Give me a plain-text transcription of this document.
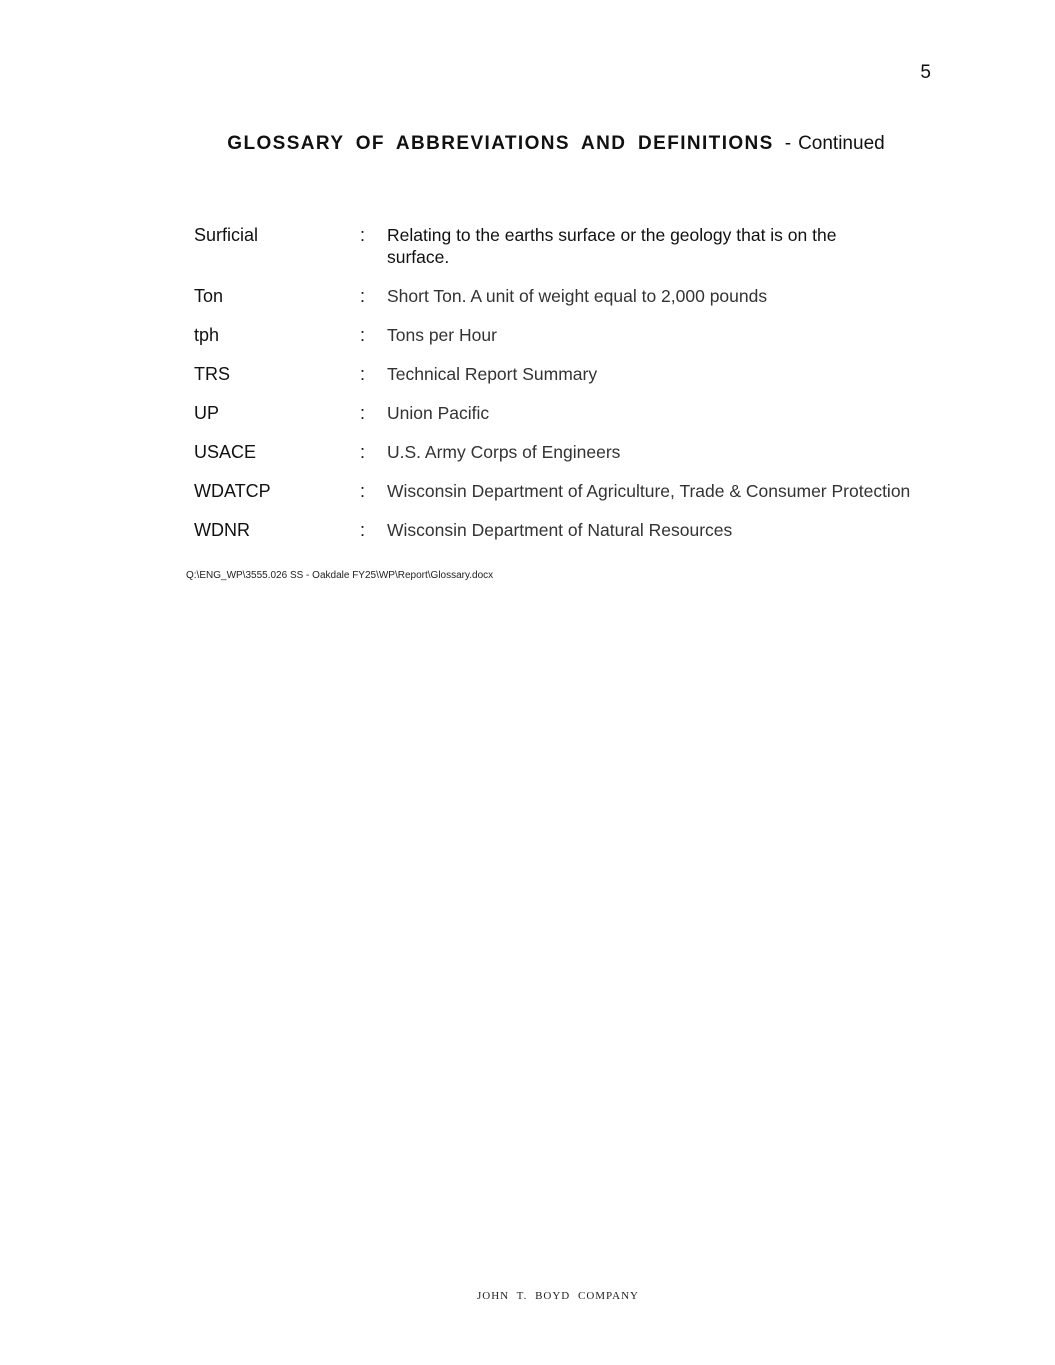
5
GLOSSARY OF ABBREVIATIONS AND DEFINITIONS - Continued
Surficial	:	Relating to the earths surface or the geology that is on the surface.
Ton	:	Short Ton. A unit of weight equal to 2,000 pounds
tph	:	Tons per Hour
TRS	:	Technical Report Summary
UP	:	Union Pacific
USACE	:	U.S. Army Corps of Engineers
WDATCP	:	Wisconsin Department of Agriculture, Trade & Consumer Protection
WDNR	:	Wisconsin Department of Natural Resources
Q:\ENG_WP\3555.026 SS - Oakdale FY25\WP\Report\Glossary.docx
JOHN T. BOYD COMPANY
